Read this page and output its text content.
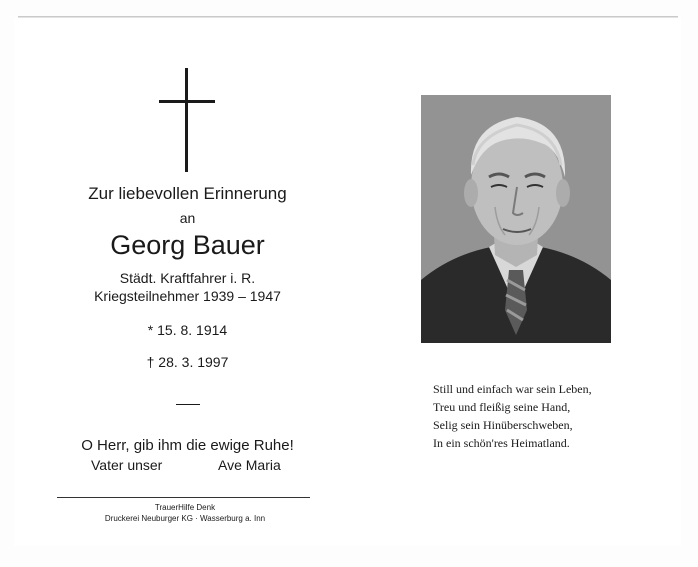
Zur liebevollen Erinnerung
an
Georg Bauer
Städt. Kraftfahrer i. R.
Kriegsteilnehmer 1939 – 1947
* 15. 8. 1914
† 28. 3. 1997
O Herr, gib ihm die ewige Ruhe!
Vater unser	Ave Maria
TrauerHilfe Denk
Druckerei Neuburger KG · Wasserburg a. Inn
Still und einfach war sein Leben,
Treu und fleißig seine Hand,
Selig sein Hinüberschweben,
In ein schön'res Heimatland.
